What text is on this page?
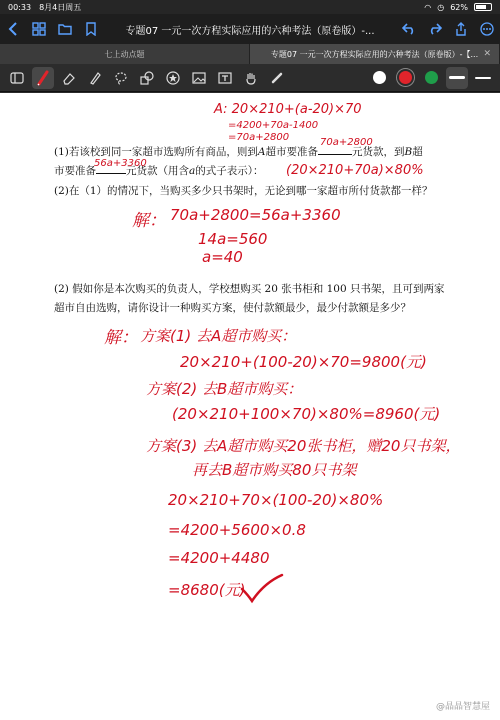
00:33 8月4日周五	◠ ◷ 62%
专题07 一元一次方程实际应用的六种考法（原卷版）-...
七上动点题	专题07 一元一次方程实际应用的六种考法（原卷版）-【... ✕
A: 20×210+(a-20)×70
=4200+70a-1400
=70a+2800
(1)若该校到同一家超市选购所有商品，则到A超市要准备	元货款，到B超
市要准备	元货款（用含a的式子表示）：
70a+2800
56a+3360	(20×210+70a)×80%
(2)在（1）的情况下，当购买多少只书架时，无论到哪一家超市所付货款都一样？
解： 70a+2800=56a+3360
14a=560
a=40
(2) 假如你是本次购买的负责人，学校想购买 20 张书柜和 100 只书架，且可到两家超市自由选购，请你设计一种购买方案，使付款额最少，最少付款额是多少？
解： 方案(1) 去A超市购买：
20×210+(100-20)×70=9800(元)
方案(2) 去B超市购买：
(20×210+100×70)×80%=8960(元)
方案(3) 去A超市购买20张书柜，赠20只书架，
再去B超市购买80只书架
20×210+70×(100-20)×80%
=4200+5600×0.8
=4200+4480
=8680(元)
@晶晶智慧屋
